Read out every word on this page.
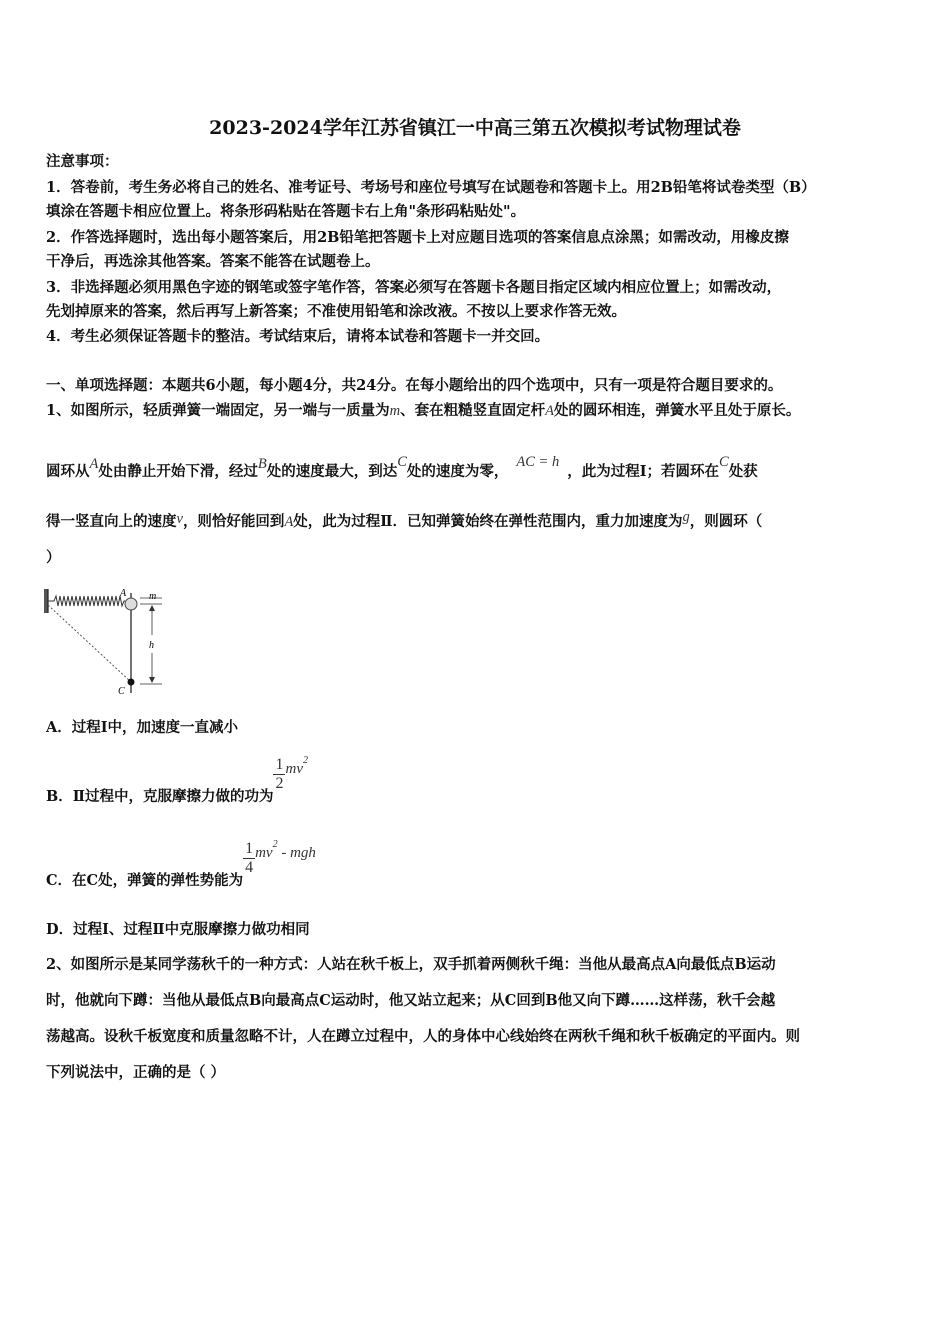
2023-2024学年江苏省镇江一中高三第五次模拟考试物理试卷
注意事项：
1．答卷前，考生务必将自己的姓名、准考证号、考场号和座位号填写在试题卷和答题卡上。用2B铅笔将试卷类型（B）
填涂在答题卡相应位置上。将条形码粘贴在答题卡右上角"条形码粘贴处"。
2．作答选择题时，选出每小题答案后，用2B铅笔把答题卡上对应题目选项的答案信息点涂黑；如需改动，用橡皮擦
干净后，再选涂其他答案。答案不能答在试题卷上。
3．非选择题必须用黑色字迹的钢笔或签字笔作答，答案必须写在答题卡各题目指定区域内相应位置上；如需改动，
先划掉原来的答案，然后再写上新答案；不准使用铅笔和涂改液。不按以上要求作答无效。
4．考生必须保证答题卡的整洁。考试结束后，请将本试卷和答题卡一并交回。
一、单项选择题：本题共6小题，每小题4分，共24分。在每小题给出的四个选项中，只有一项是符合题目要求的。
1、如图所示，轻质弹簧一端固定，另一端与一质量为m、套在粗糙竖直固定杆A处的圆环相连，弹簧水平且处于原长。
圆环从A处由静止开始下滑，经过B处的速度最大，到达C处的速度为零，AC = h，此为过程Ⅰ；若圆环在C处获
得一竖直向上的速度v，则恰好能回到A处，此为过程Ⅱ．已知弹簧始终在弹性范围内，重力加速度为g，则圆环（
）
A
C
m
h
A．过程Ⅰ中，加速度一直减小
B．Ⅱ过程中，克服摩擦力做的功为
$\frac{1}{2} mv^2$
C．在C处，弹簧的弹性势能为
$\frac{1}{4} mv^2$ - mgh
D．过程Ⅰ、过程Ⅱ中克服摩擦力做功相同
2、如图所示是某同学荡秋千的一种方式：人站在秋千板上，双手抓着两侧秋千绳：当他从最高点A向最低点B运动
时，他就向下蹲：当他从最低点B向最高点C运动时，他又站立起来；从C回到B他又向下蹲……这样荡，秋千会越
荡越高。设秋千板宽度和质量忽略不计，人在蹲立过程中，人的身体中心线始终在两秋千绳和秋千板确定的平面内。则
下列说法中，正确的是（ ）
